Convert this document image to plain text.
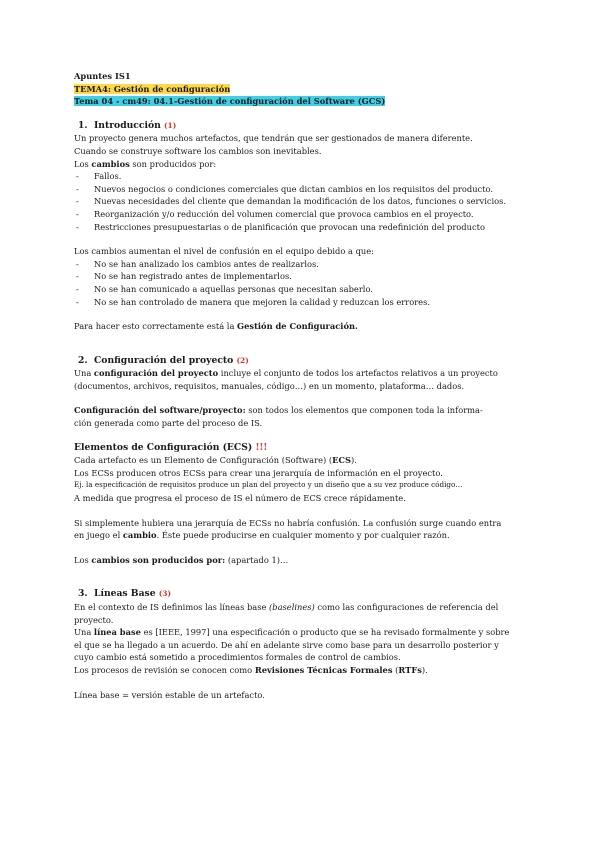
Apuntes IS1
TEMA4: Gestión de configuración
Tema 04 - cm49: 04.1-Gestión de configuración del Software (GCS)
1. Introducción (1)
Un proyecto genera muchos artefactos, que tendrán que ser gestionados de manera diferente.
Cuando se construye software los cambios son inevitables.
Los cambios son producidos por:
-	Fallos.
-	Nuevos negocios o condiciones comerciales que dictan cambios en los requisitos del producto.
-	Nuevas necesidades del cliente que demandan la modificación de los datos, funciones o servicios.
-	Reorganización y/o reducción del volumen comercial que provoca cambios en el proyecto.
-	Restricciones presupuestarias o de planificación que provocan una redefinición del producto
Los cambios aumentan el nivel de confusión en el equipo debido a que:
-	No se han analizado los cambios antes de realizarlos.
-	No se han registrado antes de implementarlos.
-	No se han comunicado a aquellas personas que necesitan saberlo.
-	No se han controlado de manera que mejoren la calidad y reduzcan los errores.
Para hacer esto correctamente está la Gestión de Configuración.
2. Configuración del proyecto (2)
Una configuración del proyecto incluye el conjunto de todos los artefactos relativos a un proyecto
(documentos, archivos, requisitos, manuales, código…) en un momento, plataforma… dados.
Configuración del software/proyecto: son todos los elementos que componen toda la informa-
ción generada como parte del proceso de IS.
Elementos de Configuración (ECS) !!!
Cada artefacto es un Elemento de Configuración (Software) (ECS).
Los ECSs producen otros ECSs para crear una jerarquía de información en el proyecto.
Ej. la especificación de requisitos produce un plan del proyecto y un diseño que a su vez produce código…
A medida que progresa el proceso de IS el número de ECS crece rápidamente.
Si simplemente hubiera una jerarquía de ECSs no habría confusión. La confusión surge cuando entra
en juego el cambio. Éste puede producirse en cualquier momento y por cualquier razón.
Los cambios son producidos por: (apartado 1)…
3. Líneas Base (3)
En el contexto de IS definimos las líneas base (baselines) como las configuraciones de referencia del
proyecto.
Una línea base es [IEEE, 1997] una especificación o producto que se ha revisado formalmente y sobre
el que se ha llegado a un acuerdo. De ahí en adelante sirve como base para un desarrollo posterior y
cuyo cambio está sometido a procedimientos formales de control de cambios.
Los procesos de revisión se conocen como Revisiones Técnicas Formales (RTFs).
Línea base = versión estable de un artefacto.
